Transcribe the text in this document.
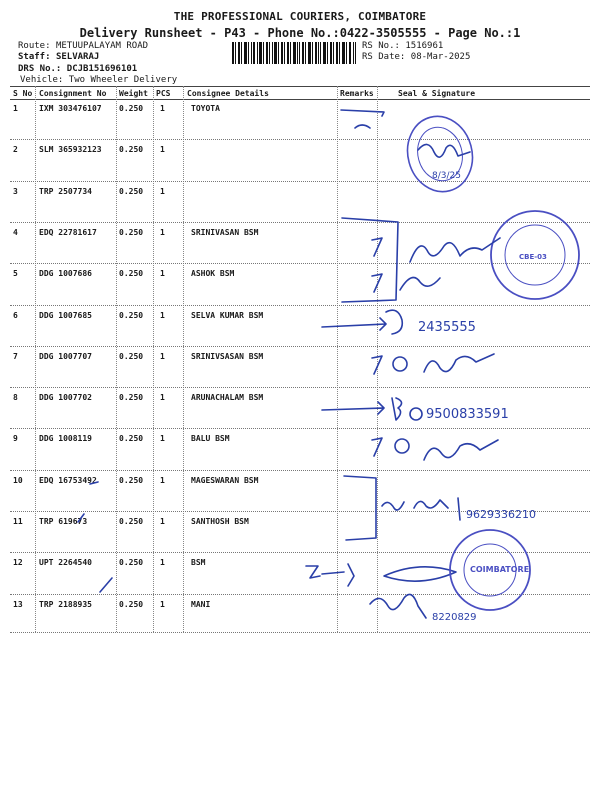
THE PROFESSIONAL COURIERS, COIMBATORE
Delivery Runsheet - P43 - Phone No.:0422-3505555 - Page No.:1
Route: METUUPALAYAM ROAD
Staff: SELVARAJ
DRS No.: DCJB151696101
Vehicle: Two Wheeler Delivery
RS No.: 1516961
RS Date: 08-Mar-2025
S No Consignment No Weight PCS Consignee Details	Remarks	Seal & Signature
1	IXM 303476107 0.250 1	TOYOTA
2	SLM 365932123 0.250 1
3	TRP 2507734	0.250 1
4	EDQ 22781617	0.250 1	SRINIVASAN BSM
5	DDG 1007686	0.250 1	ASHOK BSM
6	DDG 1007685	0.250 1	SELVA KUMAR BSM
7	DDG 1007707	0.250 1	SRINIVSASAN BSM
8	DDG 1007702	0.250 1	ARUNACHALAM BSM
9	DDG 1008119	0.250 1	BALU BSM
10 EDQ 16753492	0.250 1	MAGESWARAN BSM
11 TRP 619673	0.250 1	SANTHOSH BSM
12 UPT 2264540	0.250 1	BSM
13 TRP 2188935	0.250 1	MANI
8/3/25
CBE-03
2435555
9500833591
9629336210
COIMBATORE
8220829
